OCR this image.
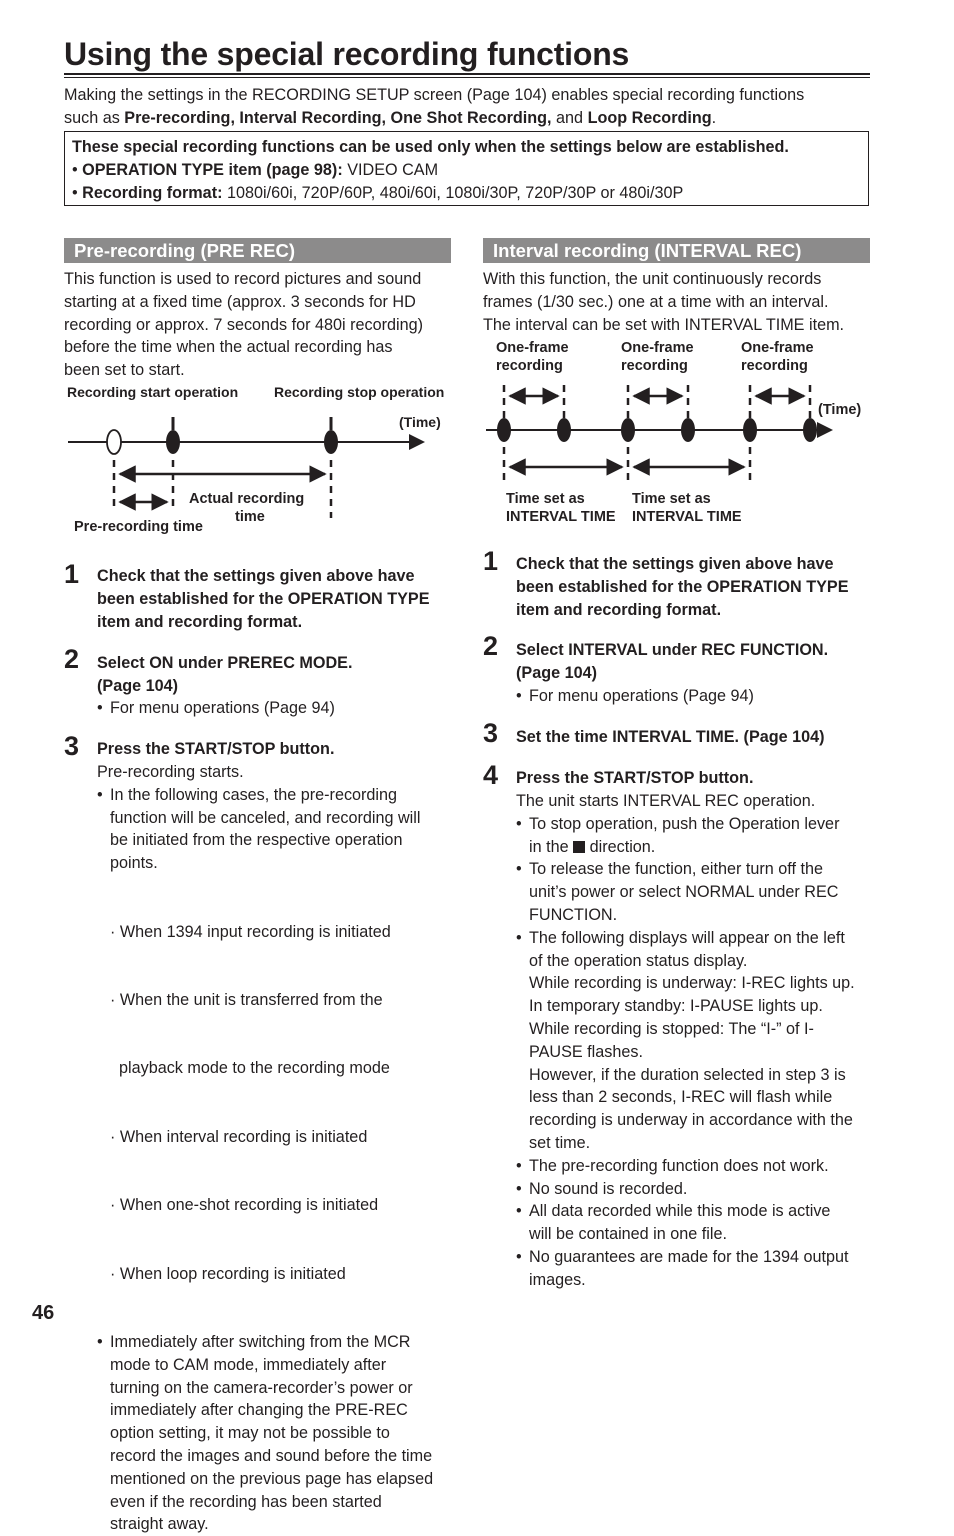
Using the special recording functions
Making the settings in the RECORDING SETUP screen (Page 104) enables special recording functions
such as Pre-recording, Interval Recording, One Shot Recording, and Loop Recording.

These special recording functions can be used only when the settings below are established.

• OPERATION TYPE item (page 98): VIDEO CAM

• Recording format: 1080i/60i, 720P/60P, 480i/60i, 1080i/30P, 720P/30P or 480i/30P

Pre-recording (PRE REC)
This function is used to record pictures and sound
starting at a fixed time (approx. 3 seconds for HD
recording or approx. 7 seconds for 480i recording)
before the time when the actual recording has
been set to start.
Recording start operation	Recording stop operation
(Time)
Actual recording
time
Pre-recording time
1 Check that the settings given above have
been established for the OPERATION TYPE
item and recording format.
2 Select ON under PREREC MODE.
(Page 104)
• For menu operations (Page 94)
3 Press the START/STOP button.
Pre-recording starts.
• In the following cases, the pre-recording
function will be canceled, and recording will
be initiated from the respective operation
points.

· When 1394 input recording is initiated

· When the unit is transferred from the

playback mode to the recording mode

· When interval recording is initiated

· When one-shot recording is initiated

· When loop recording is initiated

• Immediately after switching from the MCR
mode to CAM mode, immediately after
turning on the camera-recorder’s power or
immediately after changing the PRE-REC
option setting, it may not be possible to
record the images and sound before the time
mentioned on the previous page has elapsed
even if the recording has been started
straight away.
Interval recording (INTERVAL REC)
With this function, the unit continuously records
frames (1/30 sec.) one at a time with an interval.
The interval can be set with INTERVAL TIME item.
One-frame
recording
One-frame
recording
One-frame
recording
(Time)
Time set as
INTERVAL TIME
Time set as
INTERVAL TIME
1 Check that the settings given above have
been established for the OPERATION TYPE
item and recording format.
2 Select INTERVAL under REC FUNCTION.
(Page 104)
• For menu operations (Page 94)
3 Set the time INTERVAL TIME. (Page 104)
4 Press the START/STOP button.
The unit starts INTERVAL REC operation.
• To stop operation, push the Operation lever
in the  direction.
• To release the function, either turn off the
unit’s power or select NORMAL under REC
FUNCTION.
• The following displays will appear on the left
of the operation status display.
While recording is underway: I-REC lights up.
In temporary standby: I-PAUSE lights up.
While recording is stopped: The “I-” of I-
PAUSE flashes.
However, if the duration selected in step 3 is
less than 2 seconds, I-REC will flash while
recording is underway in accordance with the
set time.
• The pre-recording function does not work.
• No sound is recorded.
• All data recorded while this mode is active
will be contained in one file.
• No guarantees are made for the 1394 output
images.
46
